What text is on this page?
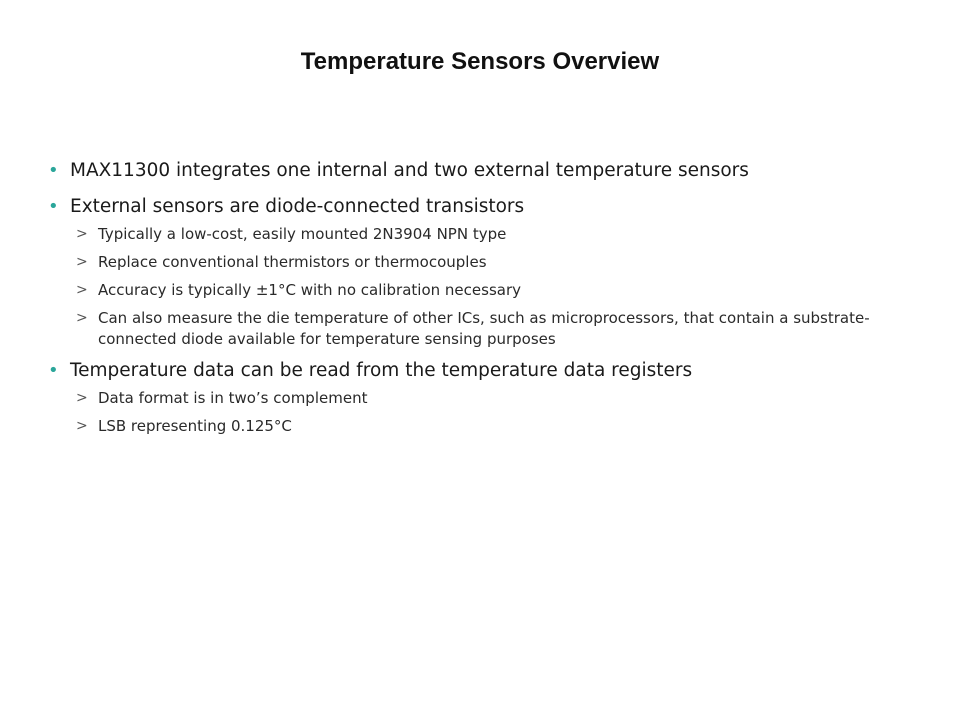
Temperature Sensors Overview
• MAX11300 integrates one internal and two external temperature sensors
• External sensors are diode-connected transistors
> Typically a low-cost, easily mounted 2N3904 NPN type
> Replace conventional thermistors or thermocouples
> Accuracy is typically ±1°C with no calibration necessary
> Can also measure the die temperature of other ICs, such as microprocessors, that contain a substrate-connected diode available for temperature sensing purposes
• Temperature data can be read from the temperature data registers
> Data format is in two’s complement
> LSB representing 0.125°C
